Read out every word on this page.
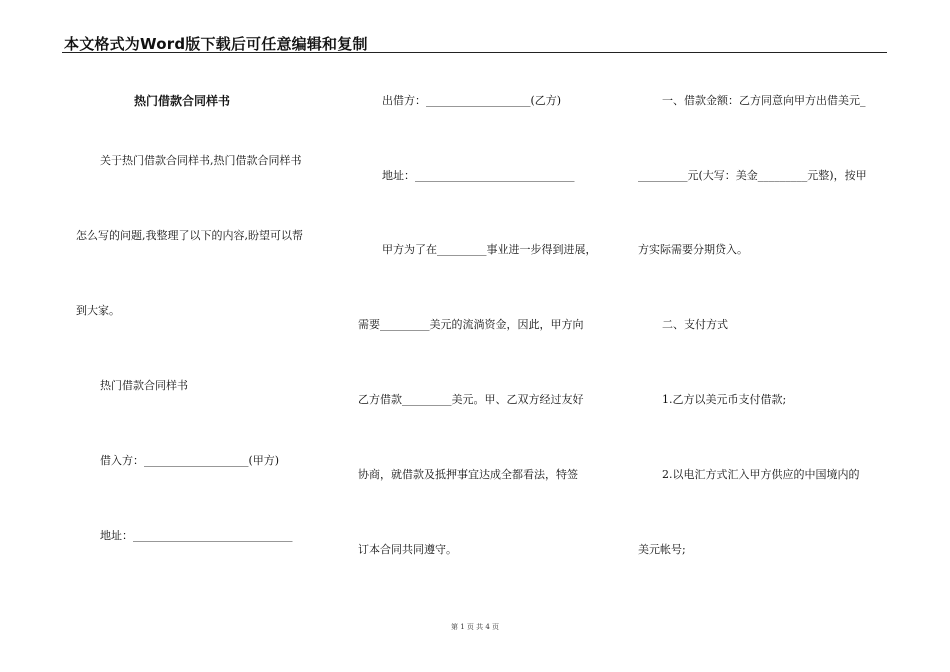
本文格式为Word版下载后可任意编辑和复制
热门借款合同样书
关于热门借款合同样书,热门借款合同样书
怎么写的问题,我整理了以下的内容,盼望可以帮
到大家。
热门借款合同样书
借入方：___________________(甲方)
地址：_____________________________
出借方：___________________(乙方)
地址：_____________________________
甲方为了在_________事业进一步得到进展，
需要_________美元的流淌资金，因此，甲方向
乙方借款_________美元。甲、乙双方经过友好
协商，就借款及抵押事宜达成全都看法，特签
订本合同共同遵守。
一、借款金额：乙方同意向甲方出借美元_
_________元(大写：美金_________元整)，按甲
方实际需要分期贷入。
二、支付方式
1.乙方以美元币支付借款;
2.以电汇方式汇入甲方供应的中国境内的
美元帐号;
第 1 页 共 4 页
